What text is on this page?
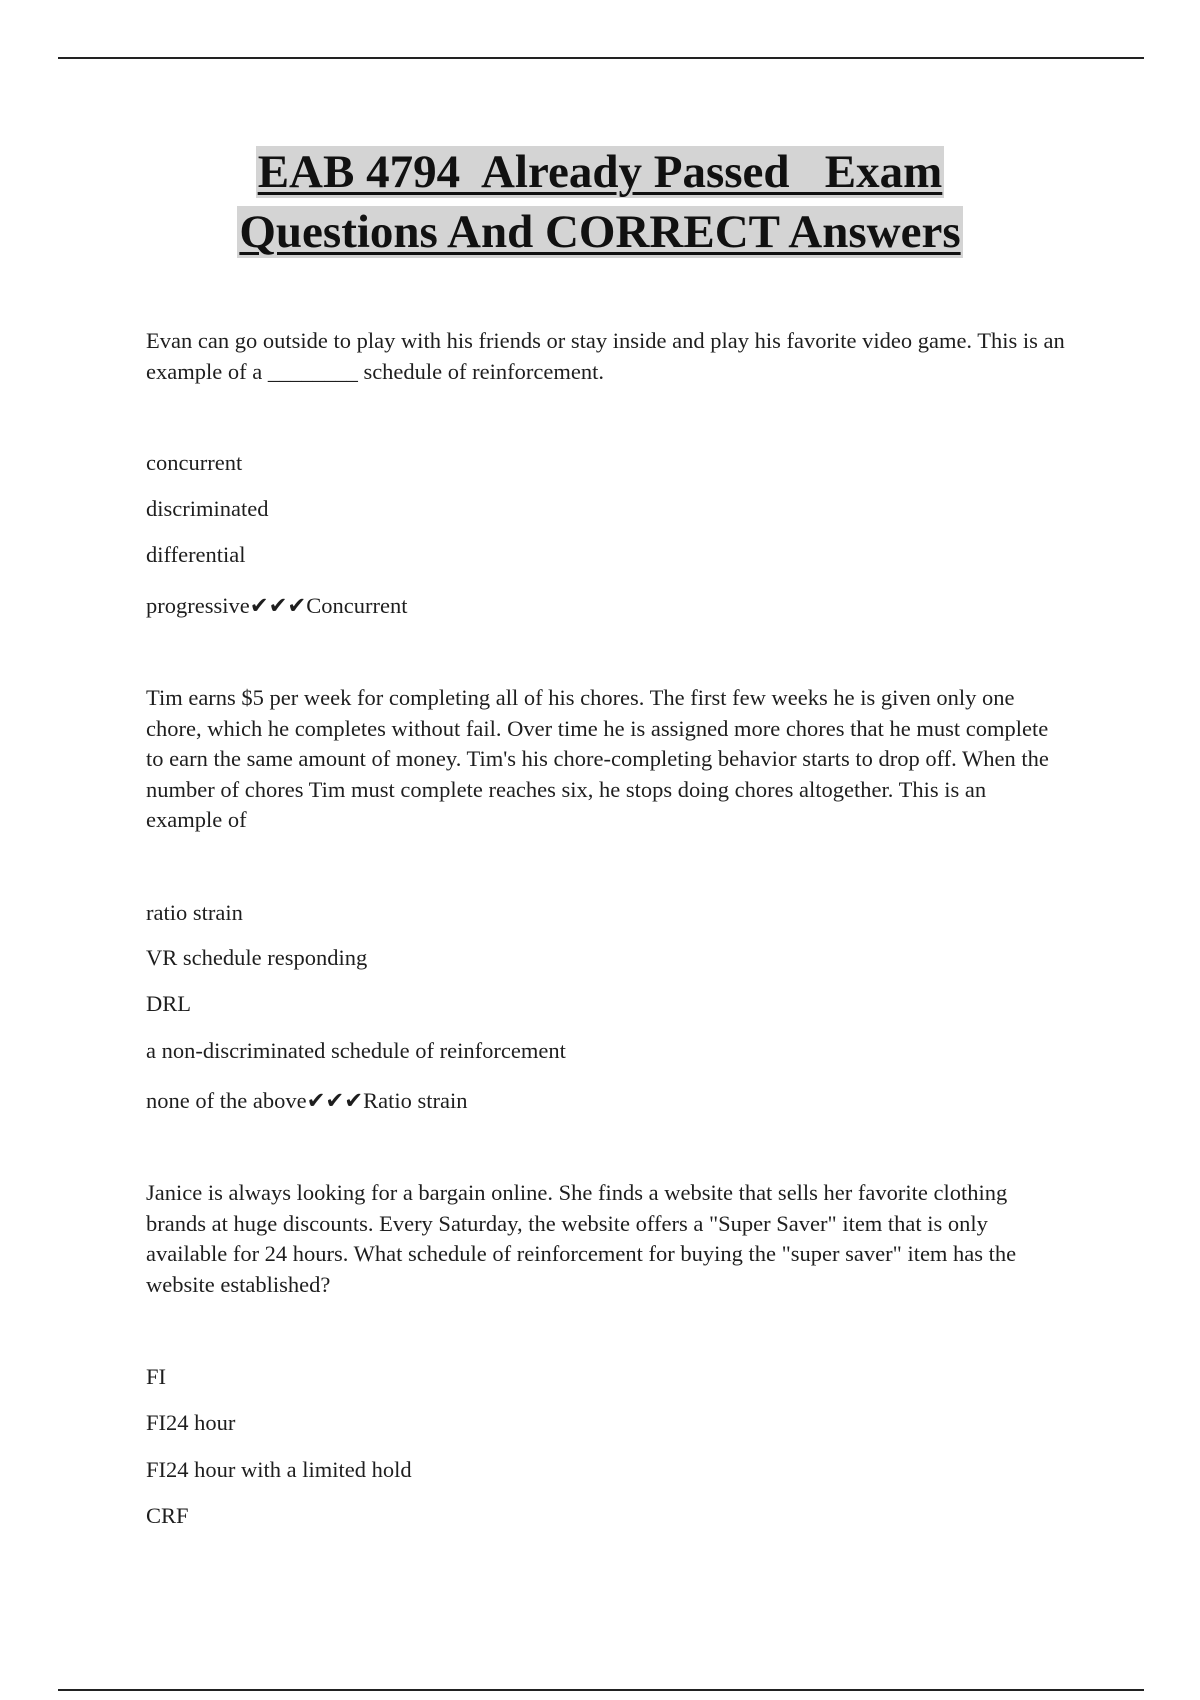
EAB 4794  Already Passed   Exam
Questions And CORRECT Answers

Evan can go outside to play with his friends or stay inside and play his favorite video game. This is an example of a ________ schedule of reinforcement.

concurrent

discriminated

differential

progressive✔✔✔Concurrent

Tim earns $5 per week for completing all of his chores. The first few weeks he is given only one chore, which he completes without fail. Over time he is assigned more chores that he must complete to earn the same amount of money. Tim's his chore-completing behavior starts to drop off. When the number of chores Tim must complete reaches six, he stops doing chores altogether. This is an example of

ratio strain

VR schedule responding

DRL

a non-discriminated schedule of reinforcement

none of the above✔✔✔Ratio strain

Janice is always looking for a bargain online. She finds a website that sells her favorite clothing brands at huge discounts. Every Saturday, the website offers a "Super Saver" item that is only available for 24 hours. What schedule of reinforcement for buying the "super saver" item has the website established?

FI

FI24 hour

FI24 hour with a limited hold

CRF
